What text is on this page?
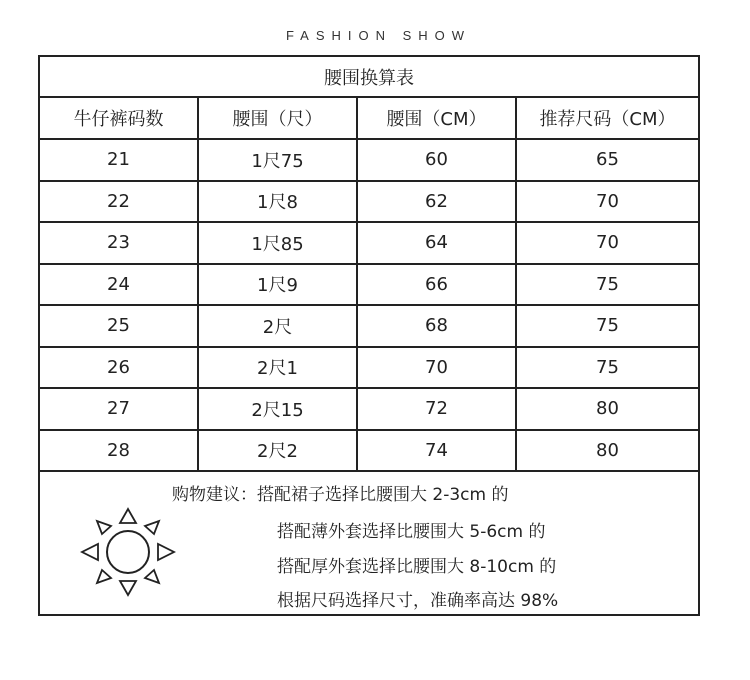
FASHION SHOW
腰围换算表			
牛仔裤码数	腰围（尺）	腰围（CM）	推荐尺码（CM）
21	1尺75	60	65
22	1尺8	62	70
23	1尺85	64	70
24	1尺9	66	75
25	2尺	68	75
26	2尺1	70	75
27	2尺15	72	80
28	2尺2	74	80

购物建议：搭配裙子选择比腰围大 2-3cm 的
搭配薄外套选择比腰围大 5-6cm 的
搭配厚外套选择比腰围大 8-10cm 的
根据尺码选择尺寸，准确率高达 98%			
